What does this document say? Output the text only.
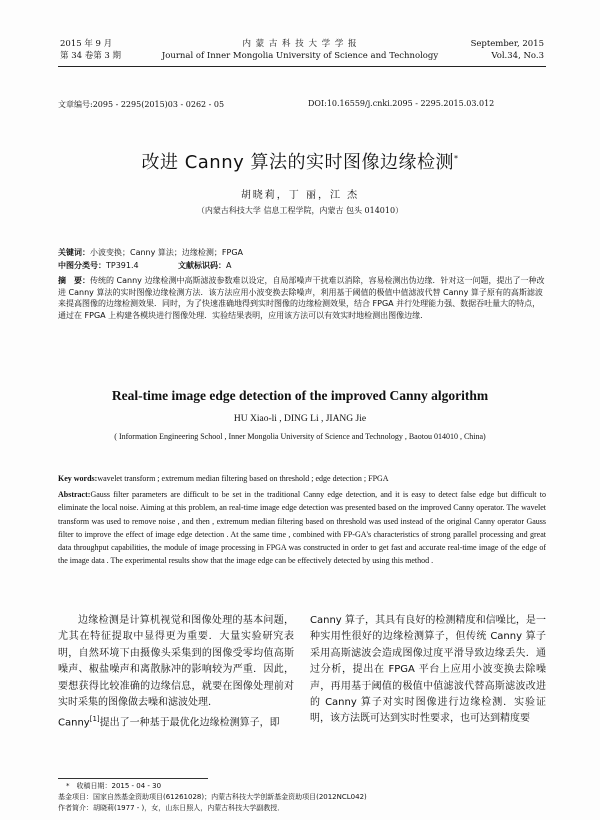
2015 年 9 月
第 34 卷第 3 期
内 蒙 古 科 技 大 学 学 报
Journal of Inner Mongolia University of Science and Technology
September, 2015
Vol.34, No.3
文章编号:2095 - 2295(2015)03 - 0262 - 05	DOI:10.16559/j.cnki.2095 - 2295.2015.03.012
改进 Canny 算法的实时图像边缘检测*
胡晓莉，丁 丽，江 杰
（内蒙古科技大学 信息工程学院，内蒙古 包头 014010）
关键词：小波变换；Canny 算法；边缘检测；FPGA
中图分类号：TP391.4	文献标识码：A
摘　要：传统的 Canny 边缘检测中高斯滤波参数难以设定，自局部噪声干扰难以消除，容易检测出伪边缘．针对这一问题，提出了一种改进 Canny 算法的实时图像边缘检测方法．该方法应用小波变换去除噪声，利用基于阈值的极值中值滤波代替 Canny 算子原有的高斯滤波来提高图像的边缘检测效果．同时，为了快速准确地得到实时图像的边缘检测效果，结合 FPGA 并行处理能力强、数据吞吐量大的特点，通过在 FPGA 上构建各模块进行图像处理．实验结果表明，应用该方法可以有效实时地检测出图像边缘．
Real-time image edge detection of the improved Canny algorithm
HU Xiao-li , DING Li , JIANG Jie
( Information Engineering School , Inner Mongolia University of Science and Technology , Baotou 014010 , China)
Key words:wavelet transform ; extremum median filtering based on threshold ; edge detection ; FPGA
Abstract:Gauss filter parameters are difficult to be set in the traditional Canny edge detection, and it is easy to detect false edge but difficult to eliminate the local noise. Aiming at this problem, an real-time image edge detection was presented based on the improved Canny operator. The wavelet transform was used to remove noise , and then , extremum median filtering based on threshold was used instead of the original Canny operator Gauss filter to improve the effect of image edge detection . At the same time , combined with FP-GA's characteristics of strong parallel processing and great data throughput capabilities, the module of image processing in FPGA was constructed in order to get fast and accurate real-time image of the edge of the image data . The experimental results show that the image edge can be effectively detected by using this method .

边缘检测是计算机视觉和图像处理的基本问题，尤其在特征提取中显得更为重要．大量实验研究表明，自然环境下由摄像头采集到的图像受零均值高斯噪声、椒盐噪声和离散脉冲的影响较为严重．因此，要想获得比较准确的边缘信息，就要在图像处理前对实时采集的图像做去噪和滤波处理．

Canny[1]提出了一种基于最优化边缘检测算子，即

Canny 算子，其具有良好的检测精度和信噪比，是一种实用性很好的边缘检测算子，但传统 Canny 算子采用高斯滤波会造成图像过度平滑导致边缘丢失．通过分析，提出在 FPGA 平台上应用小波变换去除噪声，再用基于阈值的极值中值滤波代替高斯滤波改进的 Canny 算子对实时图像进行边缘检测．实验证明，该方法既可达到实时性要求，也可达到精度要

*　 收稿日期：2015 - 04 - 30
基金项目：国家自然基金资助项目(61261028)；内蒙古科技大学创新基金资助项目(2012NCL042)
作者简介：胡晓莉(1977 - )，女，山东日照人，内蒙古科技大学副教授．
